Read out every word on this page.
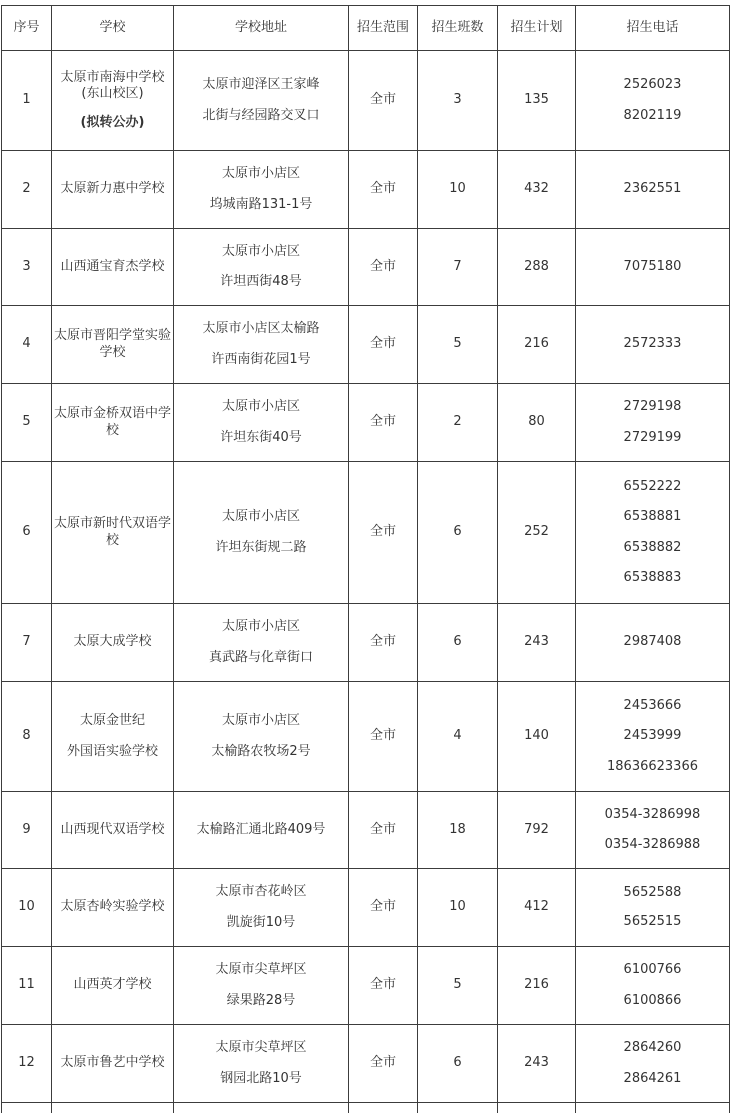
序号	学校	学校地址	招生范围	招生班数	招生计划	招生电话
1	太原市南海中学校
(东山校区)
(拟转公办)	太原市迎泽区王家峰
北街与经园路交叉口	全市	3	135	2526023
8202119

2	太原新力惠中学校	太原市小店区
坞城南路131-1号	全市	10	432	2362551

3	山西通宝育杰学校	太原市小店区
许坦西街48号	全市	7	288	7075180

4	太原市晋阳学堂实验
学校	太原市小店区太榆路
许西南街花园1号	全市	5	216	2572333

5	太原市金桥双语中学
校	太原市小店区
许坦东街40号	全市	2	80	2729198
2729199

6	太原市新时代双语学
校	太原市小店区
许坦东街规二路	全市	6	252	6552222
6538881
6538882
6538883

7	太原大成学校	太原市小店区
真武路与化章街口	全市	6	243	2987408

8	太原金世纪
外国语实验学校	太原市小店区
太榆路农牧场2号	全市	4	140	2453666
2453999
18636623366

9	山西现代双语学校	太榆路汇通北路409号	全市	18	792	0354-3286998
0354-3286988

10	太原杏岭实验学校	太原市杏花岭区
凯旋街10号	全市	10	412	5652588
5652515

11	山西英才学校	太原市尖草坪区
绿果路28号	全市	5	216	6100766
6100866

12	太原市鲁艺中学校	太原市尖草坪区
钢园北路10号	全市	6	243	2864260
2864261
